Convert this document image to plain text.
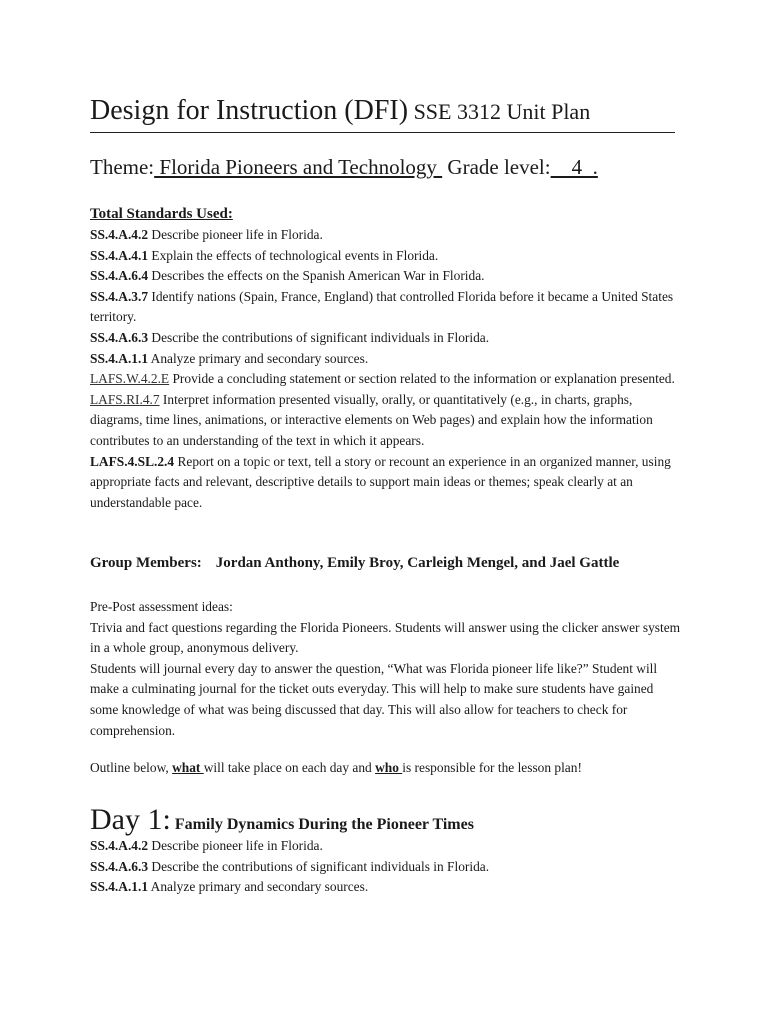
Design for Instruction (DFI) SSE 3312 Unit Plan
Theme: Florida Pioneers and Technology  Grade level:    4  .
Total Standards Used:

SS.4.A.4.2 Describe pioneer life in Florida.

SS.4.A.4.1 Explain the effects of technological events in Florida.

SS.4.A.6.4 Describes the effects on the Spanish American War in Florida.

SS.4.A.3.7 Identify nations (Spain, France, England) that controlled Florida before it became a United States territory.

SS.4.A.6.3 Describe the contributions of significant individuals in Florida.

SS.4.A.1.1 Analyze primary and secondary sources.

LAFS.W.4.2.E Provide a concluding statement or section related to the information or explanation presented.

LAFS.RI.4.7 Interpret information presented visually, orally, or quantitatively (e.g., in charts, graphs, diagrams, time lines, animations, or interactive elements on Web pages) and explain how the information contributes to an understanding of the text in which it appears.

LAFS.4.SL.2.4 Report on a topic or text, tell a story or recount an experience in an organized manner, using appropriate facts and relevant, descriptive details to support main ideas or themes; speak clearly at an understandable pace.

Group Members: Jordan Anthony, Emily Broy, Carleigh Mengel, and Jael Gattle

Pre-Post assessment ideas:

Trivia and fact questions regarding the Florida Pioneers. Students will answer using the clicker answer system in a whole group, anonymous delivery.

Students will journal every day to answer the question, “What was Florida pioneer life like?” Student will make a culminating journal for the ticket outs everyday. This will help to make sure students have gained some knowledge of what was being discussed that day. This will also allow for teachers to check for comprehension.

Outline below, what will take place on each day and who is responsible for the lesson plan!
Day 1: Family Dynamics During the Pioneer Times

SS.4.A.4.2 Describe pioneer life in Florida.

SS.4.A.6.3 Describe the contributions of significant individuals in Florida.

SS.4.A.1.1 Analyze primary and secondary sources.
